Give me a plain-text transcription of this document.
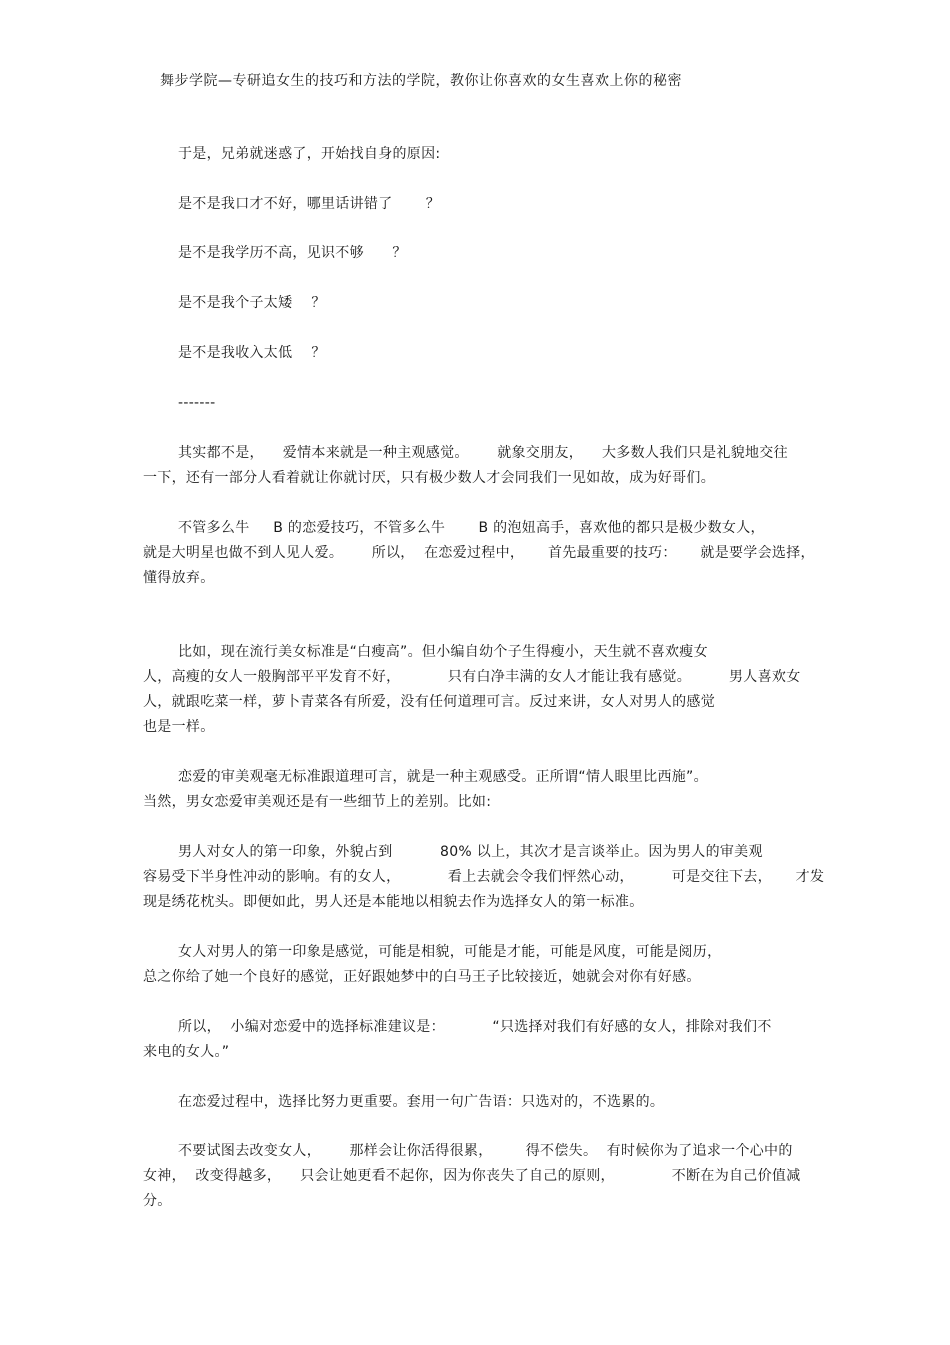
舞步学院—专研追女生的技巧和方法的学院，教你让你喜欢的女生喜欢上你的秘密
于是，兄弟就迷惑了，开始找自身的原因:
是不是我口才不好，哪里话讲错了       ？
是不是我学历不高，见识不够      ？
是不是我个子太矮    ？
是不是我收入太低    ？
-------
其实都不是，    爱情本来就是一种主观感觉。      就象交朋友，    大多数人我们只是礼貌地交往
一下，还有一部分人看着就让你就讨厌，只有极少数人才会同我们一见如故，成为好哥们。
不管多么牛     B 的恋爱技巧，不管多么牛       B 的泡妞高手，喜欢他的都只是极少数女人，
就是大明星也做不到人见人爱。      所以，  在恋爱过程中，     首先最重要的技巧：     就是要学会选择，
懂得放弃。
比如，现在流行美女标准是“白瘦高”。但小编自幼个子生得瘦小，天生就不喜欢瘦女
人，高瘦的女人一般胸部平平发育不好，          只有白净丰满的女人才能让我有感觉。        男人喜欢女
人，就跟吃菜一样，萝卜青菜各有所爱，没有任何道理可言。反过来讲，女人对男人的感觉
也是一样。
恋爱的审美观毫无标准跟道理可言，就是一种主观感受。正所谓“情人眼里比西施”。
当然，男女恋爱审美观还是有一些细节上的差别。比如:
男人对女人的第一印象，外貌占到          80% 以上，其次才是言谈举止。因为男人的审美观
容易受下半身性冲动的影响。有的女人，          看上去就会令我们怦然心动，        可是交往下去，     才发
现是绣花枕头。即便如此，男人还是本能地以相貌去作为选择女人的第一标准。
女人对男人的第一印象是感觉，可能是相貌，可能是才能，可能是风度，可能是阅历，
总之你给了她一个良好的感觉，正好跟她梦中的白马王子比较接近，她就会对你有好感。
所以，  小编对恋爱中的选择标准建议是：          “只选择对我们有好感的女人，排除对我们不
来电的女人。”
在恋爱过程中，选择比努力更重要。套用一句广告语：只选对的，不选累的。
不要试图去改变女人，      那样会让你活得很累，       得不偿失。  有时候你为了追求一个心中的
女神，  改变得越多，    只会让她更看不起你，因为你丧失了自己的原则，            不断在为自己价值减
分。
